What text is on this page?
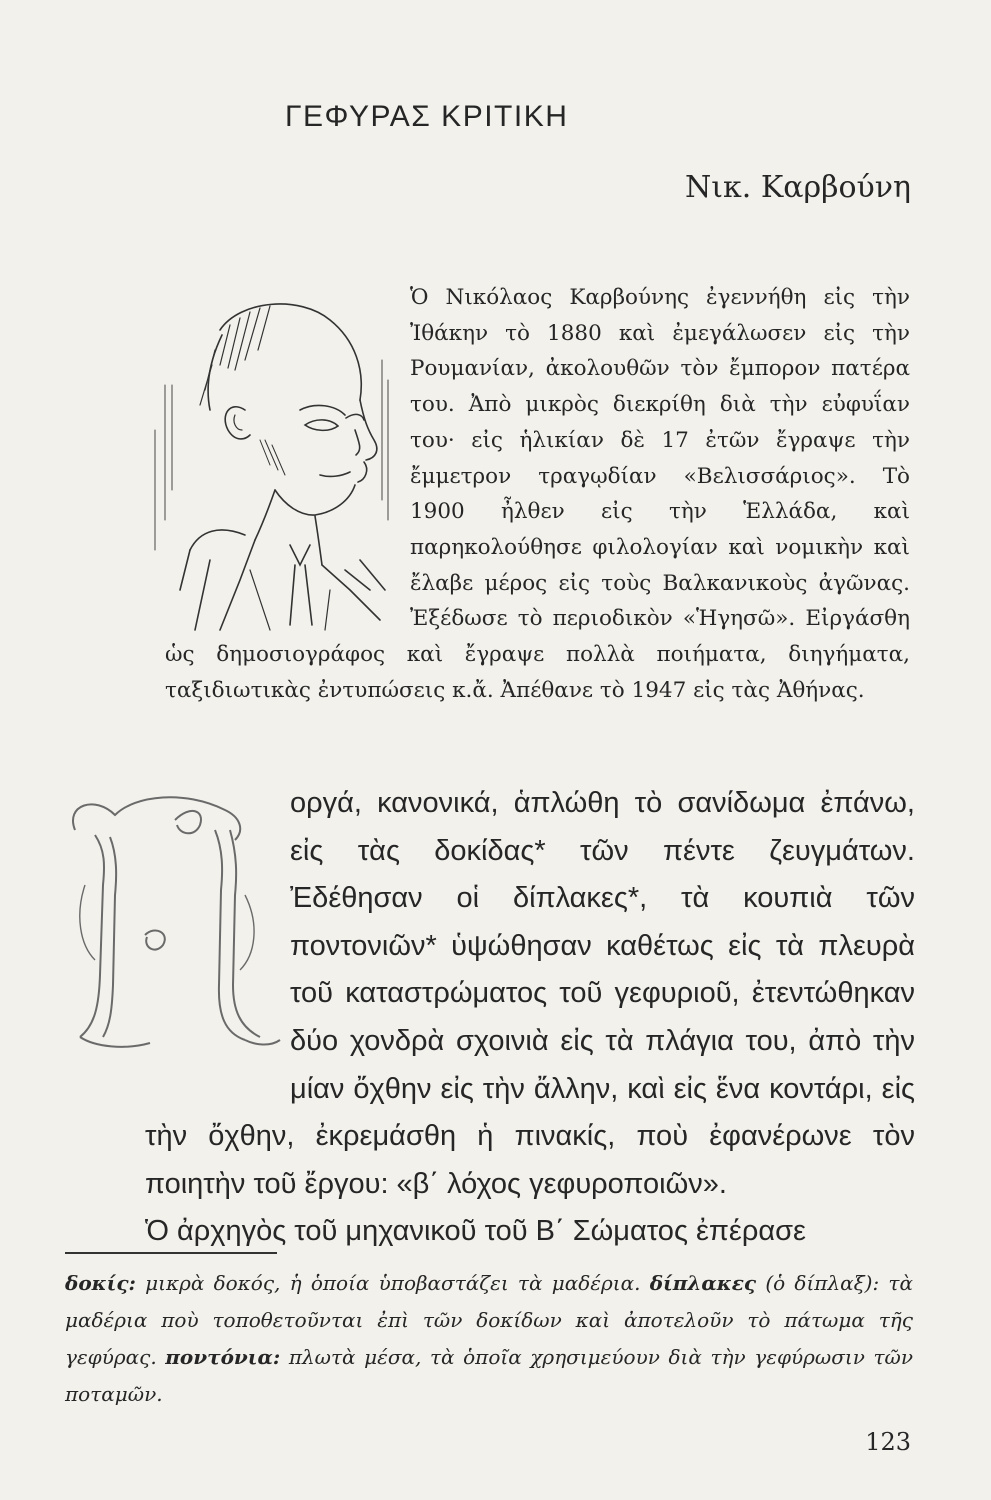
ΓΕΦΥΡΑΣ ΚΡΙΤΙΚΗ
Νικ. Καρβούνη
Ὁ Νικόλαος Καρβούνης ἐγεννήθη εἰς τὴν Ἰθάκην τὸ 1880 καὶ ἐμεγάλωσεν εἰς τὴν Ρουμανίαν, ἀκολουθῶν τὸν ἔμπορον πατέρα του. Ἀπὸ μικρὸς διεκρίθη διὰ τὴν εὐφυΐαν του· εἰς ἡλικίαν δὲ 17 ἐτῶν ἔγραψε τὴν ἔμμετρον τραγῳδίαν «Βελισσάριος». Τὸ 1900 ἦλθεν εἰς τὴν Ἑλλάδα, καὶ παρηκολούθησε φιλολογίαν καὶ νομικὴν καὶ ἔλαβε μέρος εἰς τοὺς Βαλκανικοὺς ἀγῶνας. Ἐξέδωσε τὸ περιοδικὸν «Ἡγησῶ». Εἰργάσθη ὡς δημοσιογράφος καὶ ἔγραψε πολλὰ ποιήματα, διηγήματα, ταξιδιωτικὰς ἐντυπώσεις κ.ἄ. Ἀπέθανε τὸ 1947 εἰς τὰς Ἀθήνας.

οργά, κανονικά, ἁπλώθη τὸ σανίδωμα ἐπάνω, εἰς τὰς δοκίδας* τῶν πέντε ζευγμάτων. Ἐδέθησαν οἱ δίπλακες*, τὰ κουπιὰ τῶν ποντονιῶν* ὑψώθησαν καθέτως εἰς τὰ πλευρὰ τοῦ καταστρώματος τοῦ γεφυριοῦ, ἐτεντώθηκαν δύο χονδρὰ σχοινιὰ εἰς τὰ πλάγια του, ἀπὸ τὴν μίαν ὄχθην εἰς τὴν ἄλλην, καὶ εἰς ἕνα κοντάρι, εἰς τὴν ὄχθην, ἐκρεμάσθη ἡ πινακίς, ποὺ ἐφανέρωνε τὸν ποιητὴν τοῦ ἔργου: «β΄ λόχος γεφυροποιῶν».

Ὁ ἀρχηγὸς τοῦ μηχανικοῦ τοῦ Β΄ Σώματος ἐπέρασε

δοκίς: μικρὰ δοκός, ἡ ὁποία ὑποβαστάζει τὰ μαδέρια. δίπλακες (ὁ δίπλαξ): τὰ μαδέρια ποὺ τοποθετοῦνται ἐπὶ τῶν δοκίδων καὶ ἀποτελοῦν τὸ πάτωμα τῆς γεφύρας. ποντόνια: πλωτὰ μέσα, τὰ ὁποῖα χρησιμεύουν διὰ τὴν γεφύρωσιν τῶν ποταμῶν.
123
